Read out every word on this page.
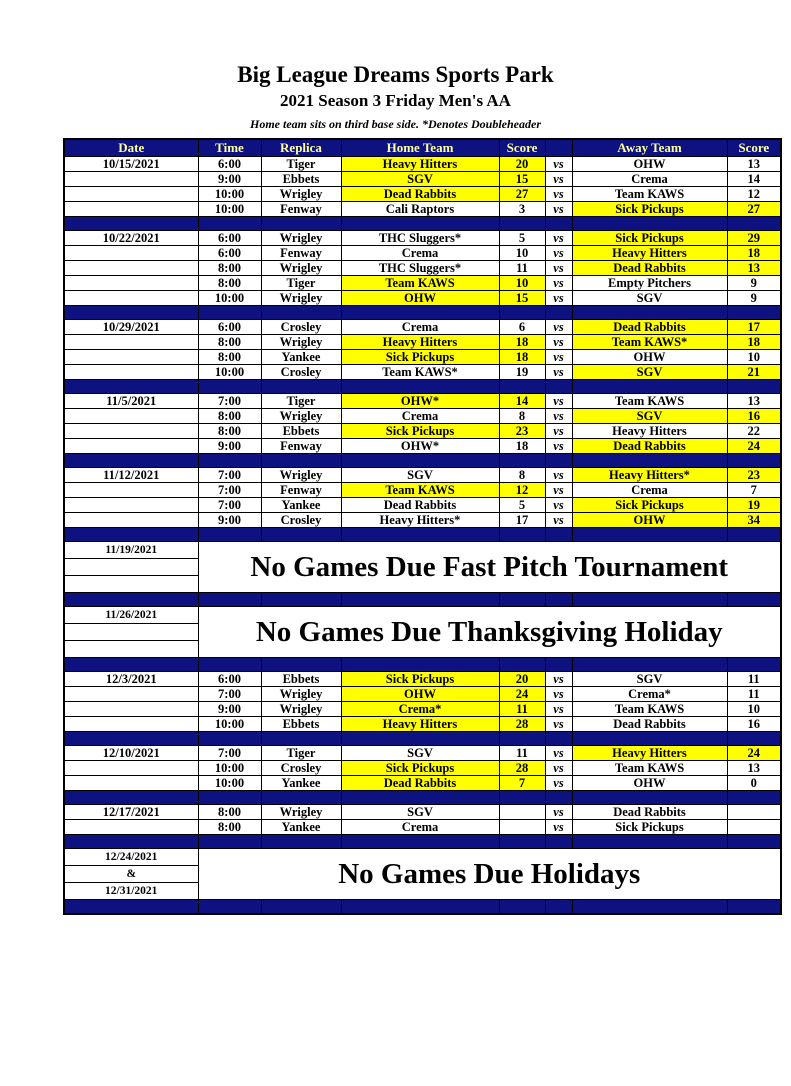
Big League Dreams Sports Park
2021 Season 3 Friday Men's AA
Home team sits on third base side. *Denotes Doubleheader
Date	Time	Replica	Home Team	Score		Away Team	Score
10/15/2021	6:00	Tiger	Heavy Hitters	20	vs	OHW	13
	9:00	Ebbets	SGV	15	vs	Crema	14
	10:00	Wrigley	Dead Rabbits	27	vs	Team KAWS	12
	10:00	Fenway	Cali Raptors	3	vs	Sick Pickups	27

10/22/2021	6:00	Wrigley	THC Sluggers*	5	vs	Sick Pickups	29
	6:00	Fenway	Crema	10	vs	Heavy Hitters	18
	8:00	Wrigley	THC Sluggers*	11	vs	Dead Rabbits	13
	8:00	Tiger	Team KAWS	10	vs	Empty Pitchers	9
	10:00	Wrigley	OHW	15	vs	SGV	9

10/29/2021	6:00	Crosley	Crema	6	vs	Dead Rabbits	17
	8:00	Wrigley	Heavy Hitters	18	vs	Team KAWS*	18
	8:00	Yankee	Sick Pickups	18	vs	OHW	10
	10:00	Crosley	Team KAWS*	19	vs	SGV	21

11/5/2021	7:00	Tiger	OHW*	14	vs	Team KAWS	13
	8:00	Wrigley	Crema	8	vs	SGV	16
	8:00	Ebbets	Sick Pickups	23	vs	Heavy Hitters	22
	9:00	Fenway	OHW*	18	vs	Dead Rabbits	24

11/12/2021	7:00	Wrigley	SGV	8	vs	Heavy Hitters*	23
	7:00	Fenway	Team KAWS	12	vs	Crema	7
	7:00	Yankee	Dead Rabbits	5	vs	Sick Pickups	19
	9:00	Crosley	Heavy Hitters*	17	vs	OHW	34

11/19/2021	No Games Due Fast Pitch Tournament						

11/26/2021	No Games Due Thanksgiving Holiday						

12/3/2021	6:00	Ebbets	Sick Pickups	20	vs	SGV	11
	7:00	Wrigley	OHW	24	vs	Crema*	11
	9:00	Wrigley	Crema*	11	vs	Team KAWS	10
	10:00	Ebbets	Heavy Hitters	28	vs	Dead Rabbits	16

12/10/2021	7:00	Tiger	SGV	11	vs	Heavy Hitters	24
	10:00	Crosley	Sick Pickups	28	vs	Team KAWS	13
	10:00	Yankee	Dead Rabbits	7	vs	OHW	0

12/17/2021	8:00	Wrigley	SGV		vs	Dead Rabbits	
	8:00	Yankee	Crema		vs	Sick Pickups	

12/24/2021	No Games Due Holidays						
&							
12/31/2021							
